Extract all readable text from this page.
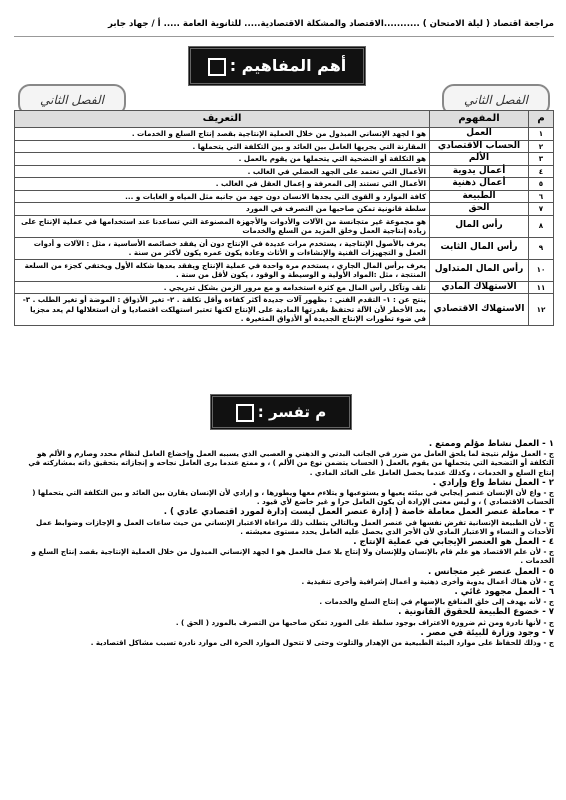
مراجعة اقتصاد ( ليلة الامتحان ) ...........الاقتصاد والمشكلة الاقتصادية..... للثانوية العامة ..... أ / جهاد جابر
الفصل الثاني
الفصل الثاني
أهم المفاهيم :
م	المفهوم	التعريف
١	العمل	هو ا لجهد الإنساني المبذول من خلال العملية الإنتاجية بقصد إنتاج السلع و الخدمات .
٢	الحساب الاقتصادي	المقارنة التي يجريها العامل بين العائد و بين التكلفة التي يتحملها .
٣	الألم	هو التكلفة أو التضحية التي يتحملها من يقوم بالعمل .
٤	أعمال يدوية	الأعمال التي تعتمد على الجهد العضلي في الغالب .
٥	أعمال ذهنية	الأعمال التي تستند إلى المعرفة و إعمال العقل في الغالب .
٦	الطبيعة	كافة الموارد و القوى التي يجدها الانسان دون جهد من جانبه مثل المياه و الغابات و ...
٧	الحق	سلطة قانونية تمكن صاحبها من التصرف في المورد
٨	رأس المال	هو مجموعة غير متجانسة من الآلات والأدوات والأجهزة المصنوعة التي تساعدنا عند استخدامها في عملية الإنتاج على زيادة إنتاجية العمل وخلق المزيد من السلع والخدمات
٩	رأس المال الثابت	يعرف بالأصول الإنتاجية ، يستخدم مرات عديدة في الإنتاج دون أن يفقد خصائصه الأساسية ، مثل : الآلات و أدوات العمل و التجهيزات الفنية والإنشاءات و الأثاث وعادة يكون عمره يكون لأكثر من سنة .
١٠	رأس المال المتداول	يعرف برأس المال الجاري ، يستخدم مرة واحدة في عملية الإنتاج ويفقد بعدها شكله الأول ويختفي كجزء من السلعة المنتجة ، مثل :المواد الأولية و الوسيطة و الوقود ، يكون لأقل من سنة .
١١	الاستهلاك المادي	تلف وتآكل رأس المال مع كثرة استخدامه و مع مرور الزمن بشكل تدريجي .
١٢	الاستهلاك الاقتصادي	ينتج عن : ١- التقدم الفني : بظهور آلات جديدة أكثر كفاءة وأقل تكلفة . ٢- تغير الأذواق : الموضة أو تغير الطلب . ٣- بعد الأخطر لأن الآلة تحتفظ بقدرتها المادية على الإنتاج لكنها تعتبر استهلكت اقتصاديا و أن استغلالها لم يعد مجزيا في ضوء تطورات الإنتاج الجديدة أو الأذواق المتغيرة .
م تفسر :
١ - العمل نشاط مؤلم وممتع .

ج - العمل مؤلم نتيجة لما يلحق العامل من ضرر في الجانب البدني و الذهني و العصبي الذي يسببه العمل وإخضاع العامل لنظام محدد وصارم و الألم هو التكلفة أو التضحية التي يتحملها من يقوم بالعمل ( الحساب يتضمن نوع من الألم ) ، و ممتع عندما يرى العامل نجاحه و إنجازاته بتحقيق ذاته بمشاركته في إنتاج السلع و الخدمات ، وكذلك عندما يحصل العامل على العائد المادي .

٢ - العمل نشاط واع وإرادي .

ج - واع لأن الإنسان عنصر إيجابي في بيئته يعيها و يستوعبها و يتلاءم معها ويطورها ، و إرادي لأن الإنسان يقارن بين العائد و بين التكلفة التي يتحملها ( الحساب الاقتصادي ) ، و ليس معنى الإرادة أن يكون العامل حرا و غير خاضع لأي قيود .

٣ - معاملة عنصر العمل معاملة خاصة ( إدارة عنصر العمل ليست إدارة لمورد اقتصادي عادي ) .

ج - لأن الطبيعة الإنسانية تفرض نفسها في عنصر العمل وبالتالي يتطلب ذلك مراعاة الاعتبار الإنساني من حيث ساعات العمل و الإجازات وضوابط عمل الأحداث و النساء و الاعتبار المادي لأن الأجر الذي يحصل عليه العامل يحدد مستوى معيشته .

٤ - العمل هو العنصر الإيجابي في عملية الإنتاج .

ج - لأن علم الاقتصاد هو علم قام بالإنسان وللإنسان ولا إنتاج بلا عمل فالعمل هو ا لجهد الإنساني المبذول من خلال العملية الإنتاجية بقصد إنتاج السلع و الخدمات .

٥ - العمل عنصر غير متجانس .

ج - لأن هناك أعمال يدوية وأخرى ذهنية و أعمال إشرافية وأخرى تنفيذية .

٦ - العمل مجهود غائي .

ج - لأنه يهدف إلى خلق المنافع بالإسهام في إنتاج السلع والخدمات .

٧ - خضوع الطبيعة للحقوق القانونية .

ج - لأنها نادرة ومن ثم ضرورة الاعتراف بوجود سلطة على المورد تمكن صاحبها من التصرف بالمورد ( الحق ) .

٧ - وجود وزارة للبيئة في مصر .

ج - وذلك للحفاظ على موارد البيئة الطبيعية من الإهدار والتلوث وحتى لا تتحول الموارد الحرة الى موارد نادرة تسبب مشاكل اقتصادية .
